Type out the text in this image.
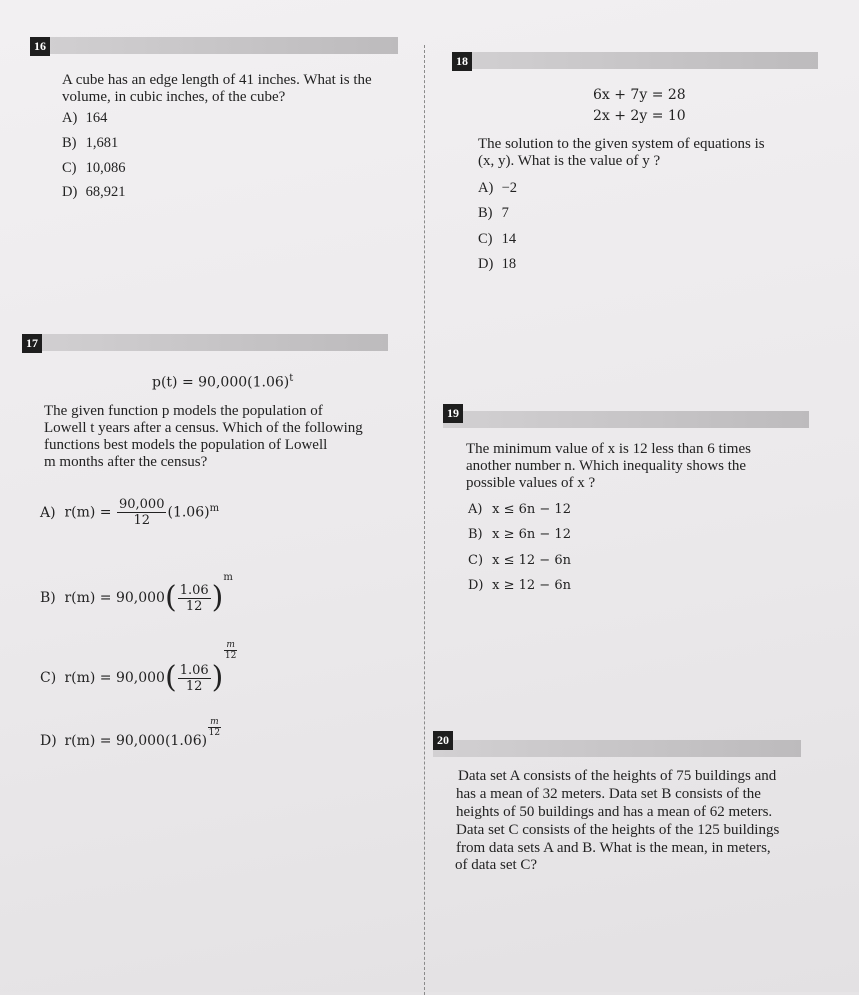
16
A cube has an edge length of 41 inches. What is the
volume, in cubic inches, of the cube?
A) 164
B) 1,681
C) 10,086
D) 68,921
18
6x + 7y = 28
2x + 2y = 10
The solution to the given system of equations is
(x, y). What is the value of y ?
A) −2
B) 7
C) 14
D) 18
17
$p(t) = 90,000(1.06)^t$
The given function p models the population of
Lowell t years after a census. Which of the following
functions best models the population of Lowell
m months after the census?
A) $r(m) = \frac{90,000}{12} (1.06)^m$
B) $r(m) = 90,000( \frac{1.06}{12} )^m$
C) $r(m) = 90,000( \frac{1.06}{12}$ )
$\frac{m}{12}$
D) r(m) = 90,000(1.06)
$\frac{m}{12}$
19
The minimum value of x is 12 less than 6 times
another number n. Which inequality shows the
possible values of x ?
A) x ≤ 6n − 12
B) x ≥ 6n − 12
C) x ≤ 12 − 6n
D) x ≥ 12 − 6n
20
Data set A consists of the heights of 75 buildings and
has a mean of 32 meters. Data set B consists of the
heights of 50 buildings and has a mean of 62 meters.
Data set C consists of the heights of the 125 buildings
from data sets A and B. What is the mean, in meters,
of data set C?
